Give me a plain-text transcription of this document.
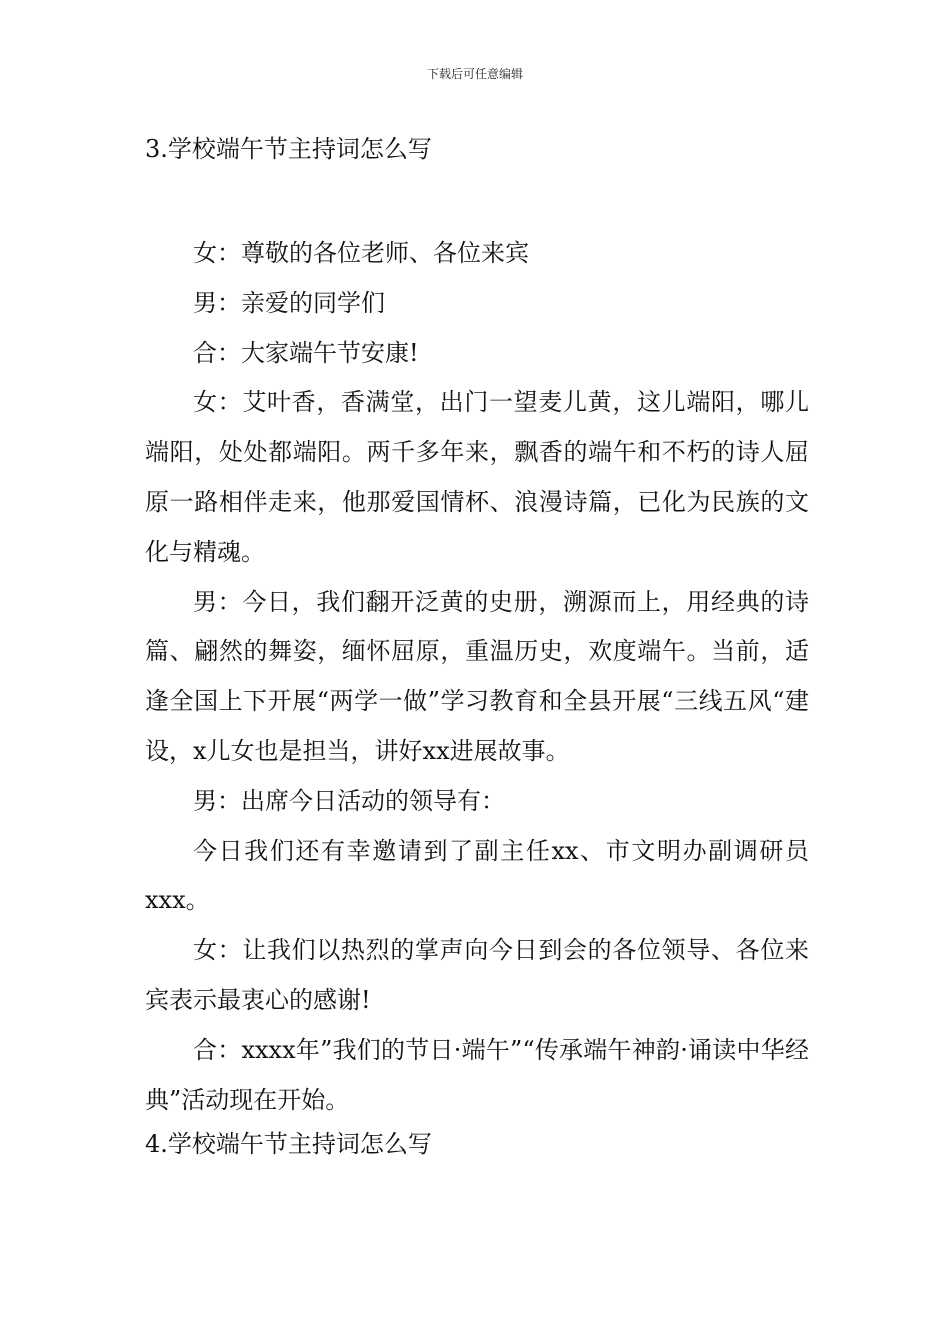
下载后可任意编辑
3.学校端午节主持词怎么写

女：尊敬的各位老师、各位来宾

男：亲爱的同学们

合：大家端午节安康!

女：艾叶香，香满堂，出门一望麦儿黄，这儿端阳，哪儿端阳，处处都端阳。两千多年来，飘香的端午和不朽的诗人屈原一路相伴走来，他那爱国情杯、浪漫诗篇，已化为民族的文化与精魂。

男：今日，我们翻开泛黄的史册，溯源而上，用经典的诗篇、翩然的舞姿，缅怀屈原，重温历史，欢度端午。当前，适逢全国上下开展“两学一做”学习教育和全县开展“三线五风“建设，x儿女也是担当，讲好xx进展故事。

男：出席今日活动的领导有：

今日我们还有幸邀请到了副主任xx、市文明办副调研员xxx。

女：让我们以热烈的掌声向今日到会的各位领导、各位来宾表示最衷心的感谢!

合：xxxx年”我们的节日·端午”“传承端午神韵·诵读中华经典”活动现在开始。

4.学校端午节主持词怎么写
